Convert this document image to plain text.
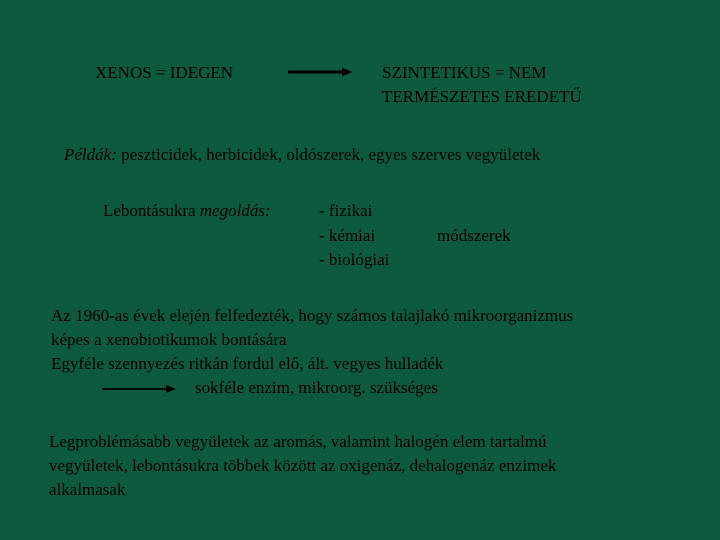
XENOS = IDEGEN	SZINTETIKUS = NEM
TERMÉSZETES EREDETŰ
Példák: peszticidek, herbicidek, oldószerek, egyes szerves vegyületek
Lebontásukra megoldás:	- fizikai
- kémiai
- biológiai
módszerek
Az 1960-as évek elején felfedezték, hogy számos talajlakó mikroorganizmus
képes a xenobiotikumok bontására
Egyféle szennyezés ritkán fordul elő, ált. vegyes hulladék
sokféle enzim, mikroorg. szükséges
Legproblémásabb vegyületek az aromás, valamint halogén elem tartalmú
vegyületek, lebontásukra többek között az oxigenáz, dehalogenáz enzimek
alkalmasak
